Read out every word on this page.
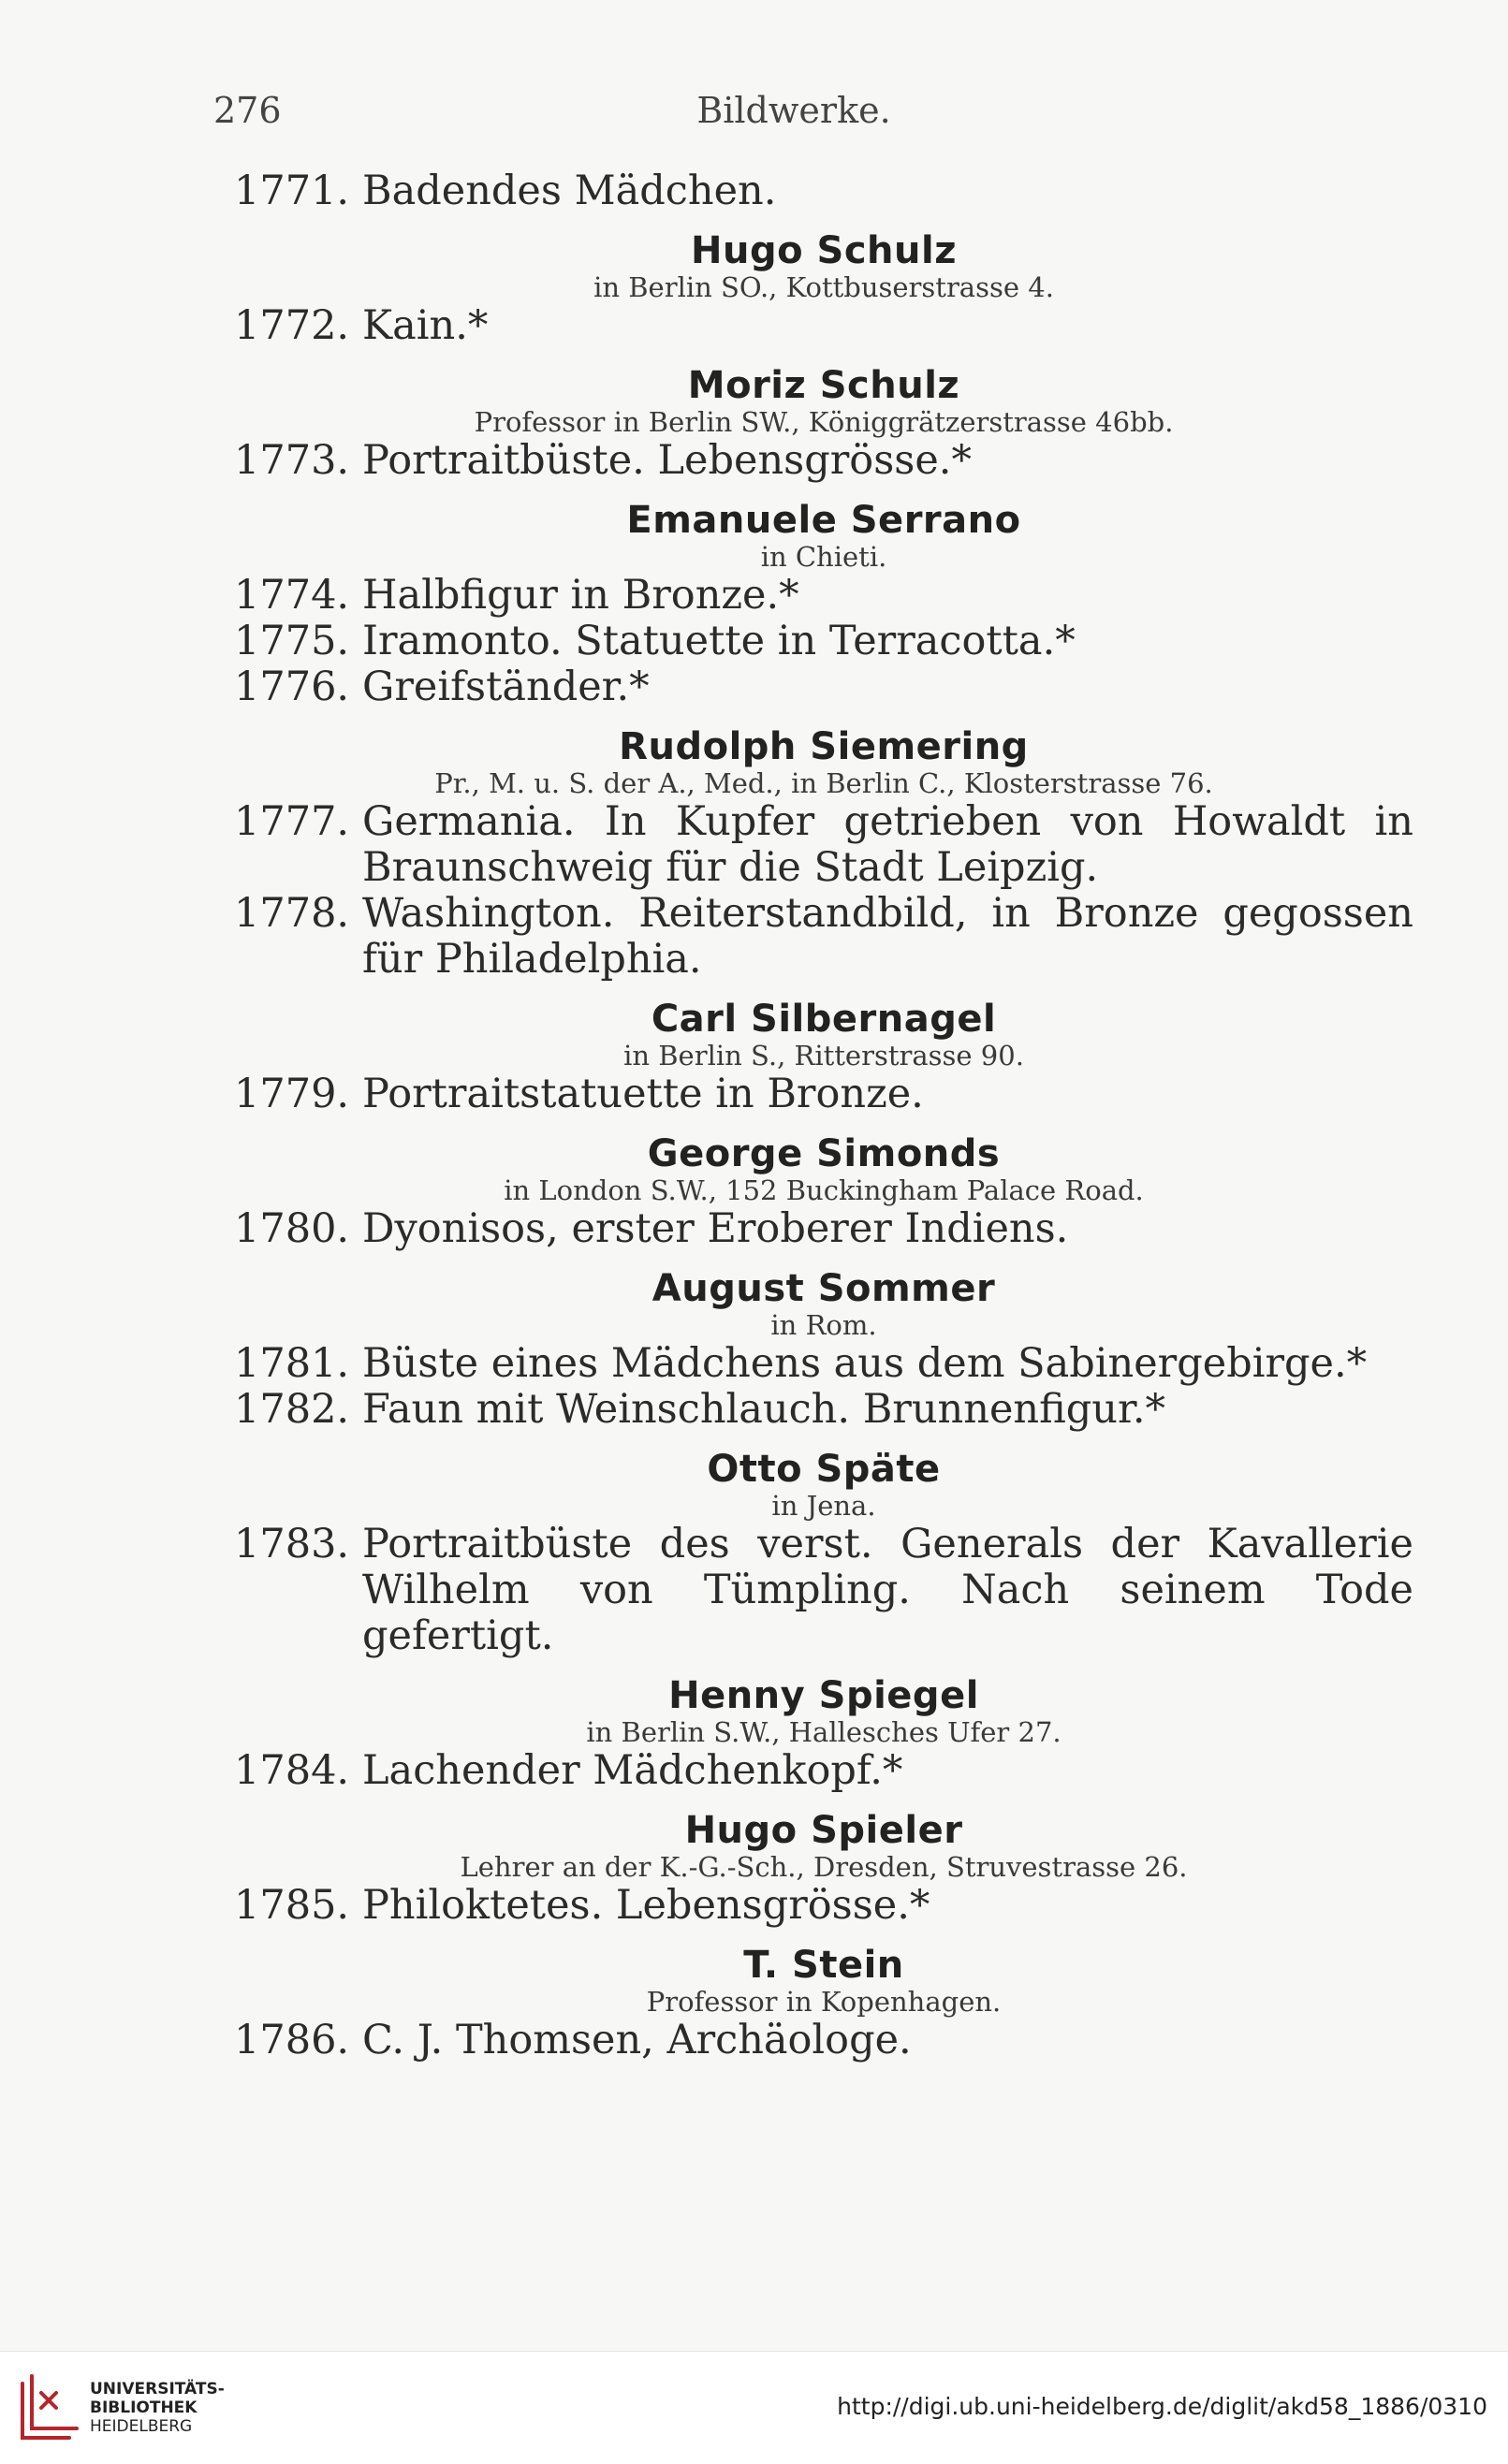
276	Bildwerke.
1771. Badendes Mädchen.
Hugo Schulz
in Berlin SO., Kottbuserstrasse 4.
1772. Kain.*
Moriz Schulz
Professor in Berlin SW., Königgrätzerstrasse 46bb.
1773. Portraitbüste. Lebensgrösse.*
Emanuele Serrano
in Chieti.
1774. Halbfigur in Bronze.*
1775. Iramonto. Statuette in Terracotta.*
1776. Greifständer.*
Rudolph Siemering
Pr., M. u. S. der A., Med., in Berlin C., Klosterstrasse 76.
1777. Germania. In Kupfer getrieben von Howaldt in Braunschweig für die Stadt Leipzig.
1778. Washington. Reiterstandbild, in Bronze gegossen für Philadelphia.
Carl Silbernagel
in Berlin S., Ritterstrasse 90.
1779. Portraitstatuette in Bronze.
George Simonds
in London S.W., 152 Buckingham Palace Road.
1780. Dyonisos, erster Eroberer Indiens.
August Sommer
in Rom.
1781. Büste eines Mädchens aus dem Sabinergebirge.*
1782. Faun mit Weinschlauch. Brunnenfigur.*
Otto Späte
in Jena.
1783. Portraitbüste des verst. Generals der Kavallerie Wilhelm von Tümpling. Nach seinem Tode gefertigt.
Henny Spiegel
in Berlin S.W., Hallesches Ufer 27.
1784. Lachender Mädchenkopf.*
Hugo Spieler
Lehrer an der K.-G.-Sch., Dresden, Struvestrasse 26.
1785. Philoktetes. Lebensgrösse.*
T. Stein
Professor in Kopenhagen.
1786. C. J. Thomsen, Archäologe.
UNIVERSITÄTS-
BIBLIOTHEK
HEIDELBERG
http://digi.ub.uni-heidelberg.de/diglit/akd58_1886/0310
